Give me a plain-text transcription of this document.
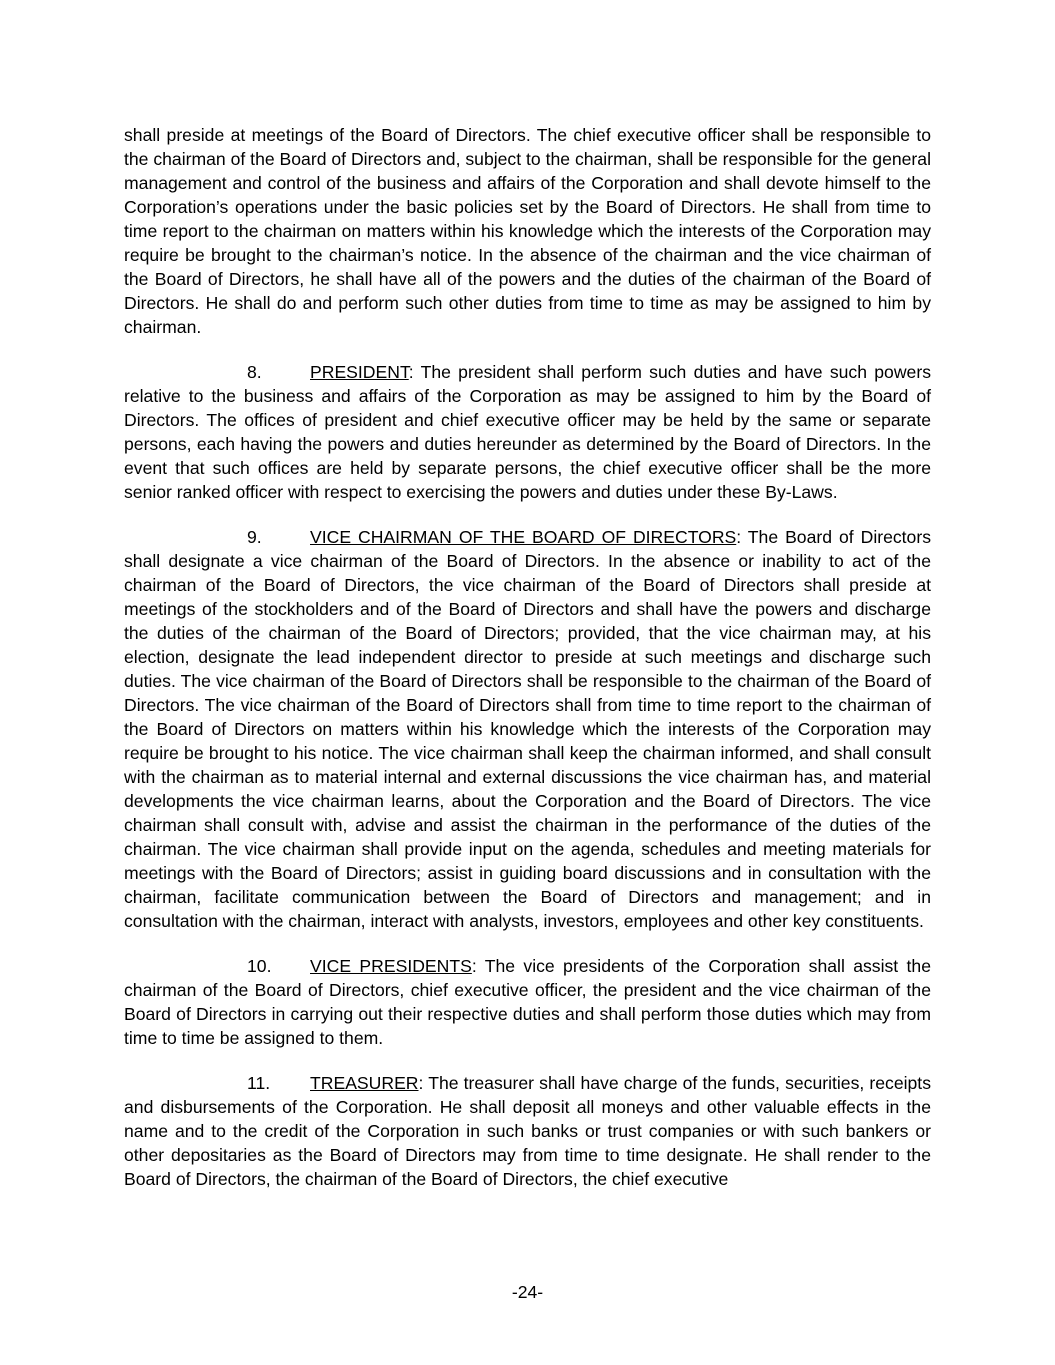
shall preside at meetings of the Board of Directors. The chief executive officer shall be responsible to the chairman of the Board of Directors and, subject to the chairman, shall be responsible for the general management and control of the business and affairs of the Corporation and shall devote himself to the Corporation’s operations under the basic policies set by the Board of Directors. He shall from time to time report to the chairman on matters within his knowledge which the interests of the Corporation may require be brought to the chairman’s notice. In the absence of the chairman and the vice chairman of the Board of Directors, he shall have all of the powers and the duties of the chairman of the Board of Directors. He shall do and perform such other duties from time to time as may be assigned to him by chairman.

8.	PRESIDENT: The president shall perform such duties and have such powers relative to the business and affairs of the Corporation as may be assigned to him by the Board of Directors. The offices of president and chief executive officer may be held by the same or separate persons, each having the powers and duties hereunder as determined by the Board of Directors. In the event that such offices are held by separate persons, the chief executive officer shall be the more senior ranked officer with respect to exercising the powers and duties under these By-Laws.

9.	VICE CHAIRMAN OF THE BOARD OF DIRECTORS: The Board of Directors shall designate a vice chairman of the Board of Directors. In the absence or inability to act of the chairman of the Board of Directors, the vice chairman of the Board of Directors shall preside at meetings of the stockholders and of the Board of Directors and shall have the powers and discharge the duties of the chairman of the Board of Directors; provided, that the vice chairman may, at his election, designate the lead independent director to preside at such meetings and discharge such duties. The vice chairman of the Board of Directors shall be responsible to the chairman of the Board of Directors. The vice chairman of the Board of Directors shall from time to time report to the chairman of the Board of Directors on matters within his knowledge which the interests of the Corporation may require be brought to his notice. The vice chairman shall keep the chairman informed, and shall consult with the chairman as to material internal and external discussions the vice chairman has, and material developments the vice chairman learns, about the Corporation and the Board of Directors. The vice chairman shall consult with, advise and assist the chairman in the performance of the duties of the chairman. The vice chairman shall provide input on the agenda, schedules and meeting materials for meetings with the Board of Directors; assist in guiding board discussions and in consultation with the chairman, facilitate communication between the Board of Directors and management; and in consultation with the chairman, interact with analysts, investors, employees and other key constituents.

10. VICE PRESIDENTS: The vice presidents of the Corporation shall assist the chairman of the Board of Directors, chief executive officer, the president and the vice chairman of the Board of Directors in carrying out their respective duties and shall perform those duties which may from time to time be assigned to them.

11. TREASURER: The treasurer shall have charge of the funds, securities, receipts and disbursements of the Corporation. He shall deposit all moneys and other valuable effects in the name and to the credit of the Corporation in such banks or trust companies or with such bankers or other depositaries as the Board of Directors may from time to time designate. He shall render to the Board of Directors, the chairman of the Board of Directors, the chief executive

-24-
